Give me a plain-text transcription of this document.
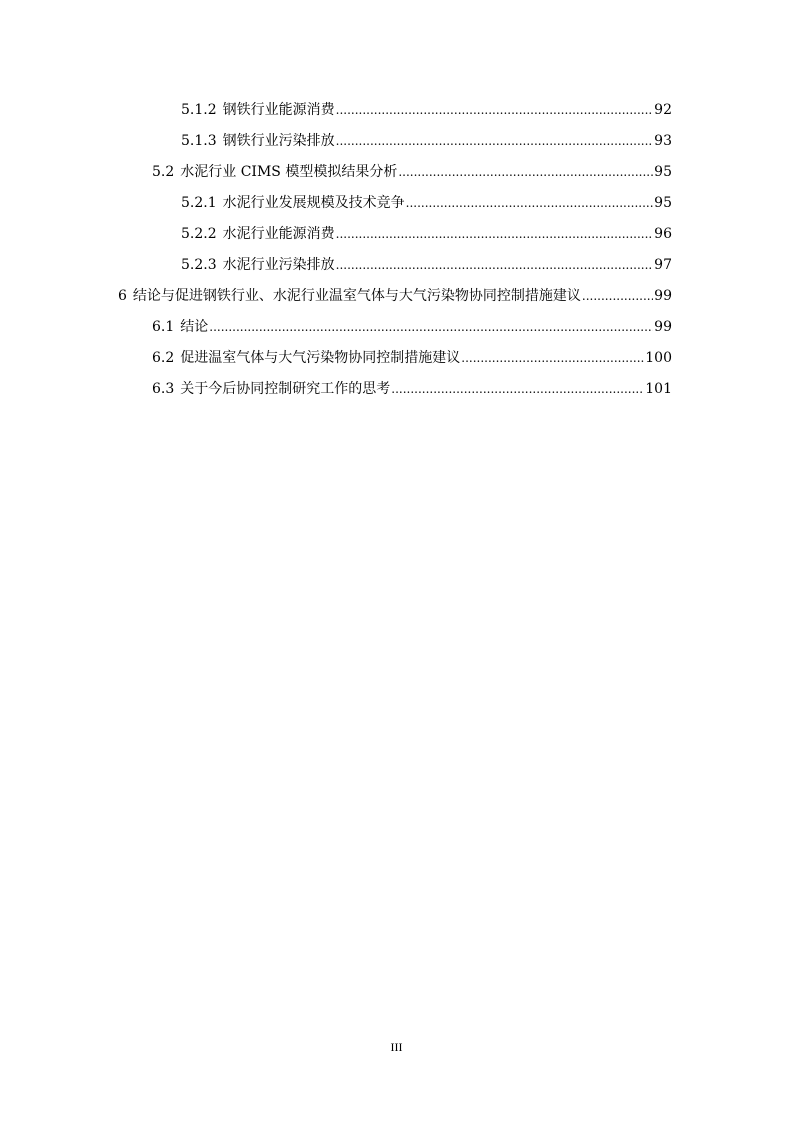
5.1.2 钢铁行业能源消费 .....	92
5.1.3 钢铁行业污染排放 .....	93
5.2 水泥行业 CIMS 模型模拟结果分析 .....	95
5.2.1 水泥行业发展规模及技术竞争 .....	95
5.2.2 水泥行业能源消费 .....	96
5.2.3 水泥行业污染排放 .....	97
6 结论与促进钢铁行业、水泥行业温室气体与大气污染物协同控制措施建议 .....	99
6.1 结论 .....	99
6.2 促进温室气体与大气污染物协同控制措施建议 .....	100
6.3 关于今后协同控制研究工作的思考 .....	101
III
